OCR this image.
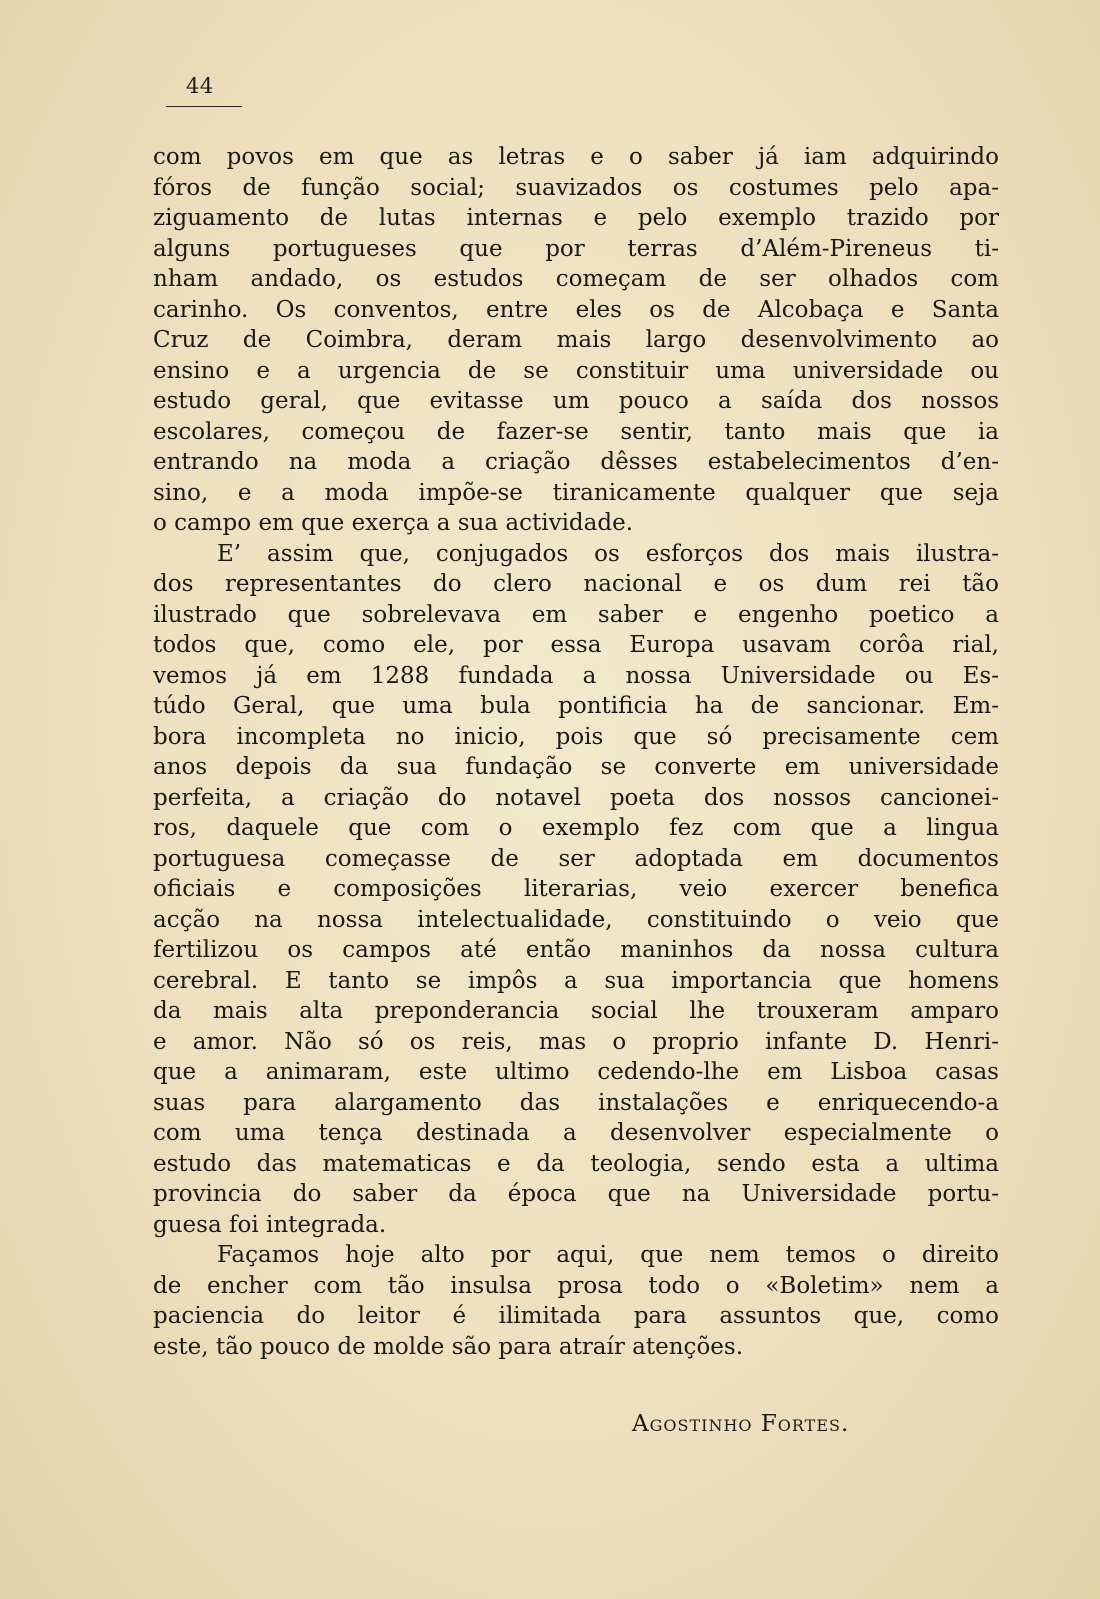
44
com povos em que as letras e o saber já iam adquirindo
fóros de função social; suavizados os costumes pelo apa-
ziguamento de lutas internas e pelo exemplo trazido por
alguns portugueses que por terras d’Além-Pireneus ti-
nham andado, os estudos começam de ser olhados com
carinho. Os conventos, entre eles os de Alcobaça e Santa
Cruz de Coimbra, deram mais largo desenvolvimento ao
ensino e a urgencia de se constituir uma universidade ou
estudo geral, que evitasse um pouco a saída dos nossos
escolares, começou de fazer-se sentir, tanto mais que ia
entrando na moda a criação dêsses estabelecimentos d’en-
sino, e a moda impõe-se tiranicamente qualquer que seja
o campo em que exerça a sua actividade.
E’ assim que, conjugados os esforços dos mais ilustra-
dos representantes do clero nacional e os dum rei tão
ilustrado que sobrelevava em saber e engenho poetico a
todos que, como ele, por essa Europa usavam corôa rial,
vemos já em 1288 fundada a nossa Universidade ou Es-
túdo Geral, que uma bula pontificia ha de sancionar. Em-
bora incompleta no inicio, pois que só precisamente cem
anos depois da sua fundação se converte em universidade
perfeita, a criação do notavel poeta dos nossos cancionei-
ros, daquele que com o exemplo fez com que a lingua
portuguesa começasse de ser adoptada em documentos
oficiais e composições literarias, veio exercer benefica
acção na nossa intelectualidade, constituindo o veio que
fertilizou os campos até então maninhos da nossa cultura
cerebral. E tanto se impôs a sua importancia que homens
da mais alta preponderancia social lhe trouxeram amparo
e amor. Não só os reis, mas o proprio infante D. Henri-
que a animaram, este ultimo cedendo-lhe em Lisboa casas
suas para alargamento das instalações e enriquecendo-a
com uma tença destinada a desenvolver especialmente o
estudo das matematicas e da teologia, sendo esta a ultima
provincia do saber da época que na Universidade portu-
guesa foi integrada.
Façamos hoje alto por aqui, que nem temos o direito
de encher com tão insulsa prosa todo o «Boletim» nem a
paciencia do leitor é ilimitada para assuntos que, como
este, tão pouco de molde são para atraír atenções.
Agostinho Fortes.
